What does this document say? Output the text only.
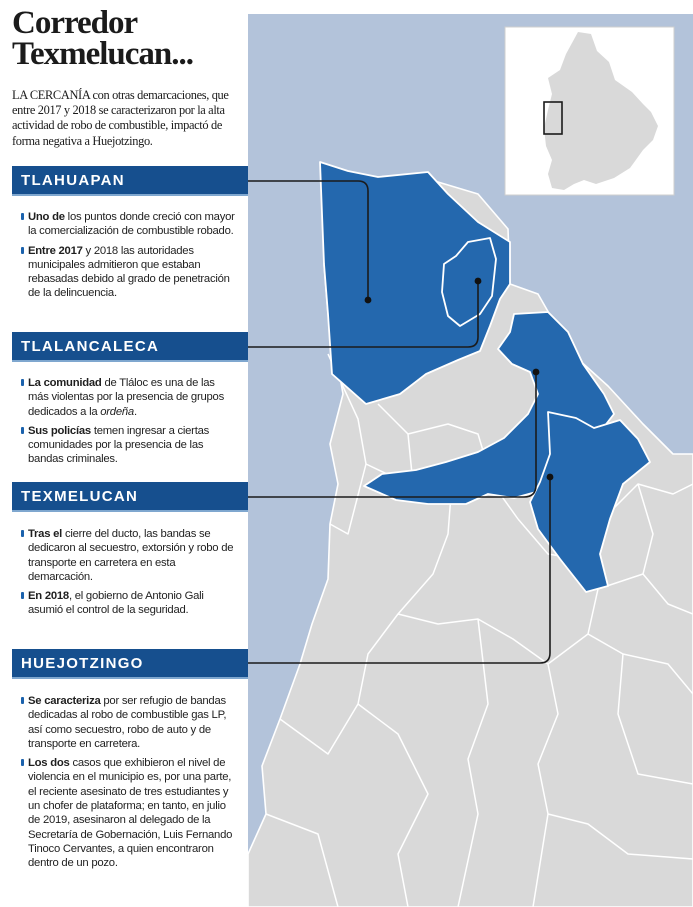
Corredor
Texmelucan...

LA CERCANÍA con otras demarcaciones, que entre 2017 y 2018 se caracterizaron por la alta actividad de robo de combustible, impactó de forma negativa a Huejotzingo.

TLAHUAPAN
Uno de los puntos donde creció con mayor la comercialización de combustible robado.
Entre 2017 y 2018 las autoridades municipales admitieron que estaban rebasadas debido al grado de penetración de la delincuencia.
TLALANCALECA
La comunidad de Tláloc es una de las más violentas por la presencia de grupos dedicados a la ordeña.
Sus policías temen ingresar a ciertas comunidades por la presencia de las bandas criminales.
TEXMELUCAN
Tras el cierre del ducto, las bandas se dedicaron al secuestro, extorsión y robo de transporte en carretera en esta demarcación.
En 2018, el gobierno de Antonio Gali asumió el control de la seguridad.
HUEJOTZINGO
Se caracteriza por ser refugio de bandas dedicadas al robo de combustible gas LP, así como secuestro, robo de auto y de transporte en carretera.
Los dos casos que exhibieron el nivel de violencia en el municipio es, por una parte, el reciente asesinato de tres estudiantes y un chofer de plataforma; en tanto, en julio de 2019, asesinaron al delegado de la Secretaría de Gobernación, Luis Fernando Tinoco Cervantes, a quien encontraron dentro de un pozo.
